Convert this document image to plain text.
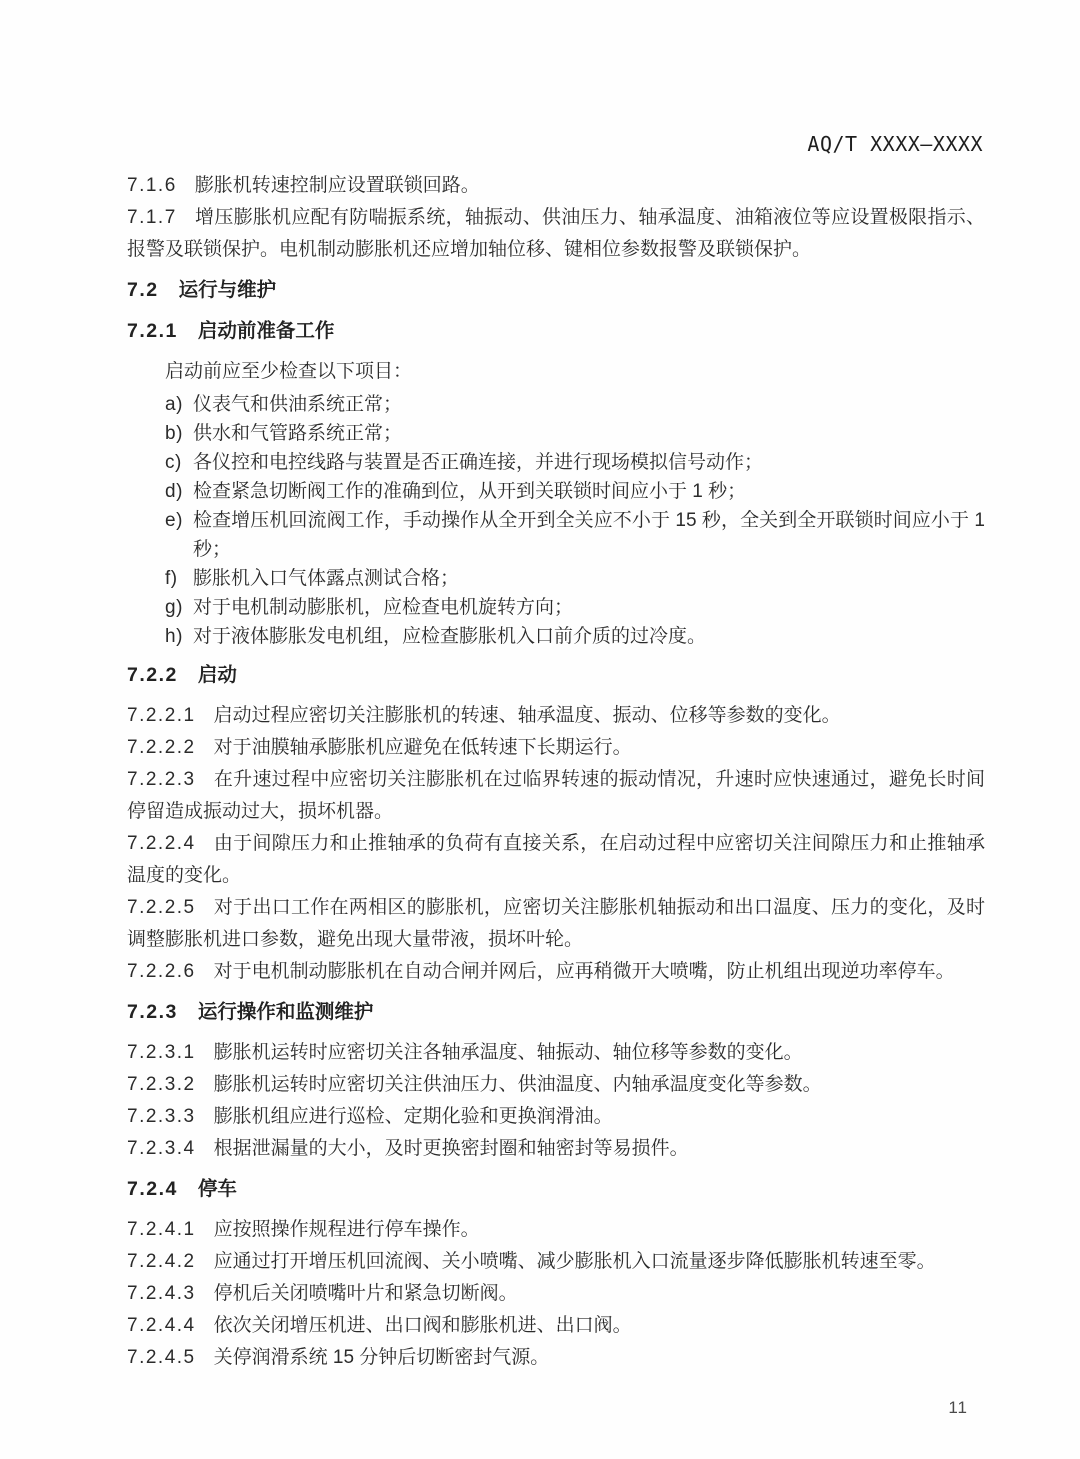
AQ/T XXXX—XXXX

7.1.6 膨胀机转速控制应设置联锁回路。

7.1.7 增压膨胀机应配有防喘振系统，轴振动、供油压力、轴承温度、油箱液位等应设置极限指示、报警及联锁保护。电机制动膨胀机还应增加轴位移、键相位参数报警及联锁保护。

7.2 运行与维护

7.2.1 启动前准备工作

启动前应至少检查以下项目：

a) 仪表气和供油系统正常；

b) 供水和气管路系统正常；

c) 各仪控和电控线路与装置是否正确连接，并进行现场模拟信号动作；

d) 检查紧急切断阀工作的准确到位，从开到关联锁时间应小于 1 秒；

e) 检查增压机回流阀工作，手动操作从全开到全关应不小于 15 秒，全关到全开联锁时间应小于 1 秒；

f) 膨胀机入口气体露点测试合格；

g) 对于电机制动膨胀机，应检查电机旋转方向；

h) 对于液体膨胀发电机组，应检查膨胀机入口前介质的过冷度。

7.2.2 启动

7.2.2.1 启动过程应密切关注膨胀机的转速、轴承温度、振动、位移等参数的变化。

7.2.2.2 对于油膜轴承膨胀机应避免在低转速下长期运行。

7.2.2.3 在升速过程中应密切关注膨胀机在过临界转速的振动情况，升速时应快速通过，避免长时间停留造成振动过大，损坏机器。

7.2.2.4 由于间隙压力和止推轴承的负荷有直接关系，在启动过程中应密切关注间隙压力和止推轴承温度的变化。

7.2.2.5 对于出口工作在两相区的膨胀机，应密切关注膨胀机轴振动和出口温度、压力的变化，及时调整膨胀机进口参数，避免出现大量带液，损坏叶轮。

7.2.2.6 对于电机制动膨胀机在自动合闸并网后，应再稍微开大喷嘴，防止机组出现逆功率停车。

7.2.3 运行操作和监测维护

7.2.3.1 膨胀机运转时应密切关注各轴承温度、轴振动、轴位移等参数的变化。

7.2.3.2 膨胀机运转时应密切关注供油压力、供油温度、内轴承温度变化等参数。

7.2.3.3 膨胀机组应进行巡检、定期化验和更换润滑油。

7.2.3.4 根据泄漏量的大小，及时更换密封圈和轴密封等易损件。

7.2.4 停车

7.2.4.1 应按照操作规程进行停车操作。

7.2.4.2 应通过打开增压机回流阀、关小喷嘴、减少膨胀机入口流量逐步降低膨胀机转速至零。

7.2.4.3 停机后关闭喷嘴叶片和紧急切断阀。

7.2.4.4 依次关闭增压机进、出口阀和膨胀机进、出口阀。

7.2.4.5 关停润滑系统 15 分钟后切断密封气源。

11
